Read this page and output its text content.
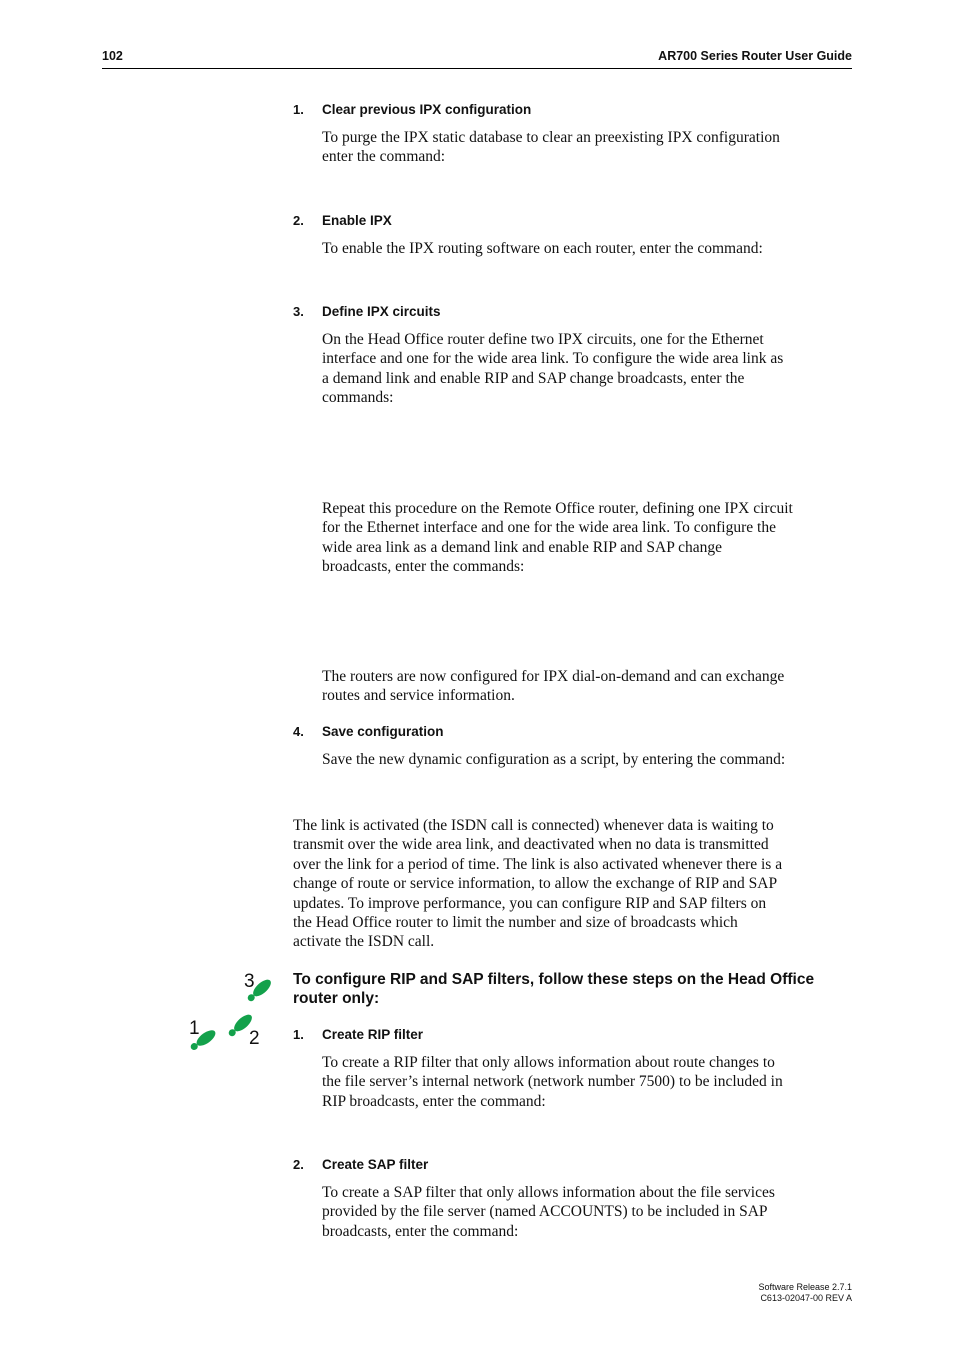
102	AR700 Series Router User Guide
1. Clear previous IPX configuration

To purge the IPX static database to clear an preexisting IPX configuration

enter the command:

2. Enable IPX

To enable the IPX routing software on each router, enter the command:

3. Define IPX circuits

On the Head Office router define two IPX circuits, one for the Ethernet

interface and one for the wide area link. To configure the wide area link as

a demand link and enable RIP and SAP change broadcasts, enter the

commands:

Repeat this procedure on the Remote Office router, defining one IPX circuit

for the Ethernet interface and one for the wide area link. To configure the

wide area link as a demand link and enable RIP and SAP change

broadcasts, enter the commands:

The routers are now configured for IPX dial-on-demand and can exchange

routes and service information.

4. Save configuration

Save the new dynamic configuration as a script, by entering the command:

The link is activated (the ISDN call is connected) whenever data is waiting to

transmit over the wide area link, and deactivated when no data is transmitted

over the link for a period of time. The link is also activated whenever there is a

change of route or service information, to allow the exchange of RIP and SAP

updates. To improve performance, you can configure RIP and SAP filters on

the Head Office router to limit the number and size of broadcasts which

activate the ISDN call.

3
1	2

To configure RIP and SAP filters, follow these steps on the Head Office

router only:

1. Create RIP filter

To create a RIP filter that only allows information about route changes to

the file server’s internal network (network number 7500) to be included in

RIP broadcasts, enter the command:

2. Create SAP filter

To create a SAP filter that only allows information about the file services

provided by the file server (named ACCOUNTS) to be included in SAP

broadcasts, enter the command:

Software Release 2.7.1

C613-02047-00 REV A
